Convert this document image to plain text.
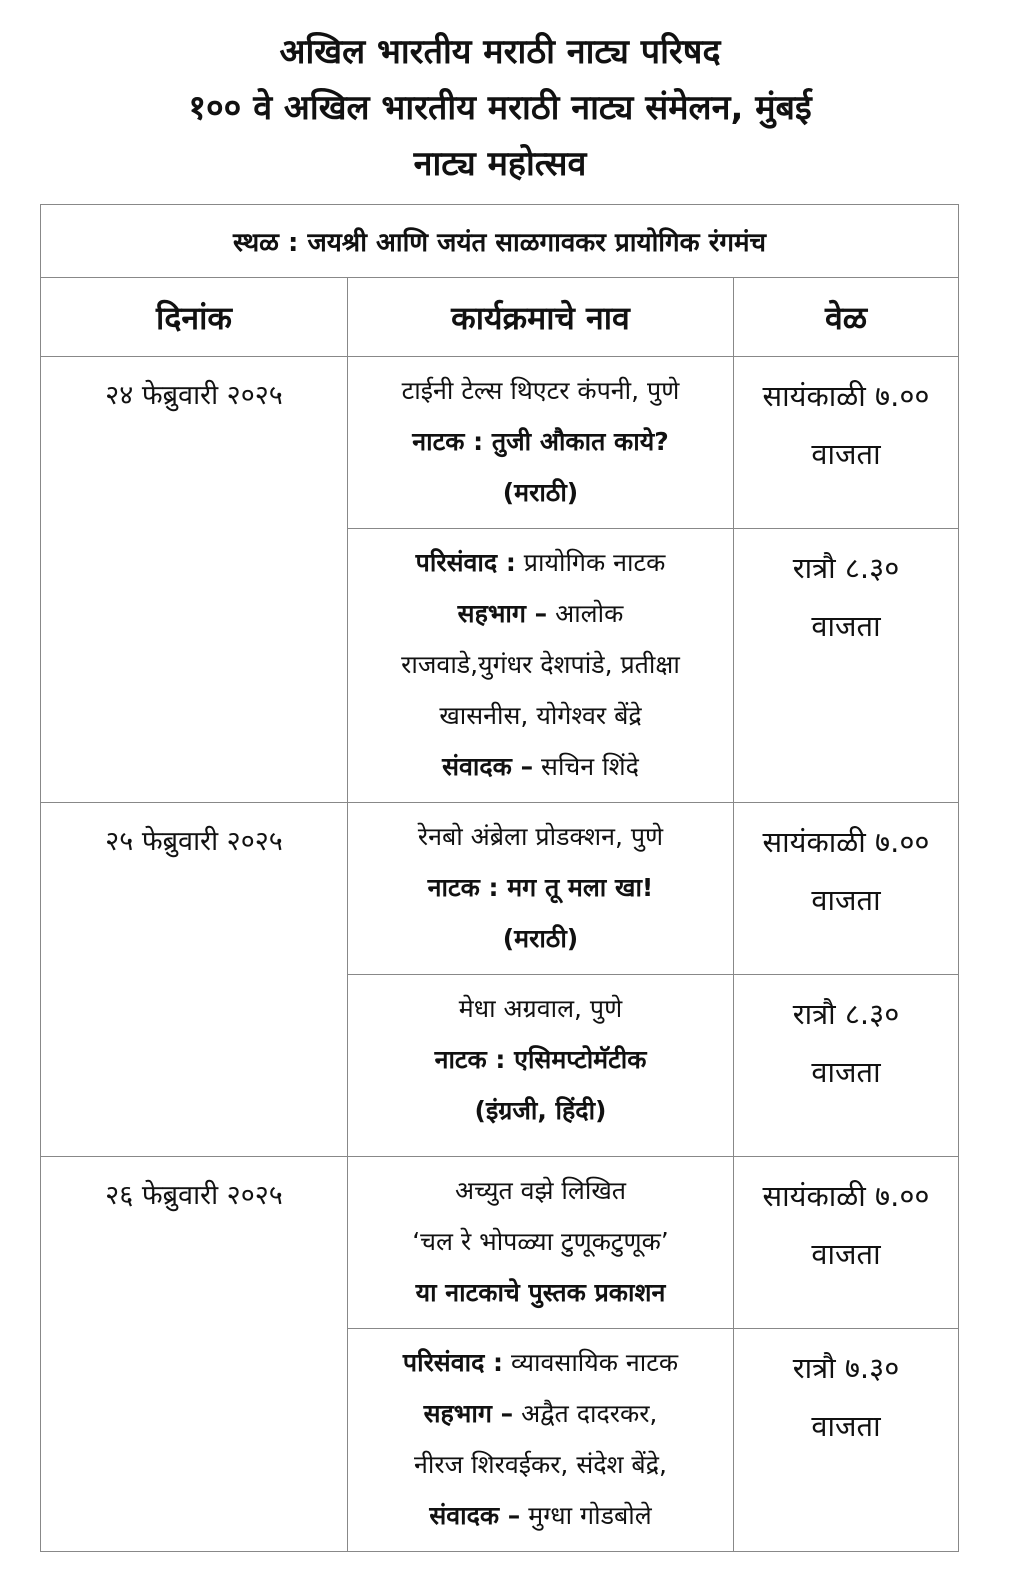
अखिल भारतीय मराठी नाट्य परिषद
१०० वे अखिल भारतीय मराठी नाट्य संमेलन, मुंबई
नाट्य महोत्सव
स्थळ : जयश्री आणि जयंत साळगावकर प्रायोगिक रंगमंच		
दिनांक	कार्यक्रमाचे नाव	वेळ
२४ फेब्रुवारी २०२५	टाईनी टेल्स थिएटर कंपनी, पुणे
नाटक : तुजी औकात काये?
(मराठी)	सायंकाळी ७.००
वाजता

	परिसंवाद : प्रायोगिक नाटक
सहभाग – आलोक
राजवाडे,युगंधर देशपांडे, प्रतीक्षा
खासनीस, योगेश्वर बेंद्रे
संवादक – सचिन शिंदे	रात्रौ ८.३०
वाजता

२५ फेब्रुवारी २०२५	रेनबो अंब्रेला प्रोडक्शन, पुणे
नाटक : मग तू मला खा!
(मराठी)	सायंकाळी ७.००
वाजता

	मेधा अग्रवाल, पुणे
नाटक : एसिमप्टोमॅटीक
(इंग्रजी, हिंदी)	रात्रौ ८.३०
वाजता

२६ फेब्रुवारी २०२५	अच्युत वझे लिखित
‘चल रे भोपळ्या टुणूकटुणूक’
या नाटकाचे पुस्तक प्रकाशन	सायंकाळी ७.००
वाजता

	परिसंवाद : व्यावसायिक नाटक
सहभाग – अद्वैत दादरकर,
नीरज शिरवईकर, संदेश बेंद्रे,
संवादक – मुग्धा गोडबोले	रात्रौ ७.३०
वाजता
